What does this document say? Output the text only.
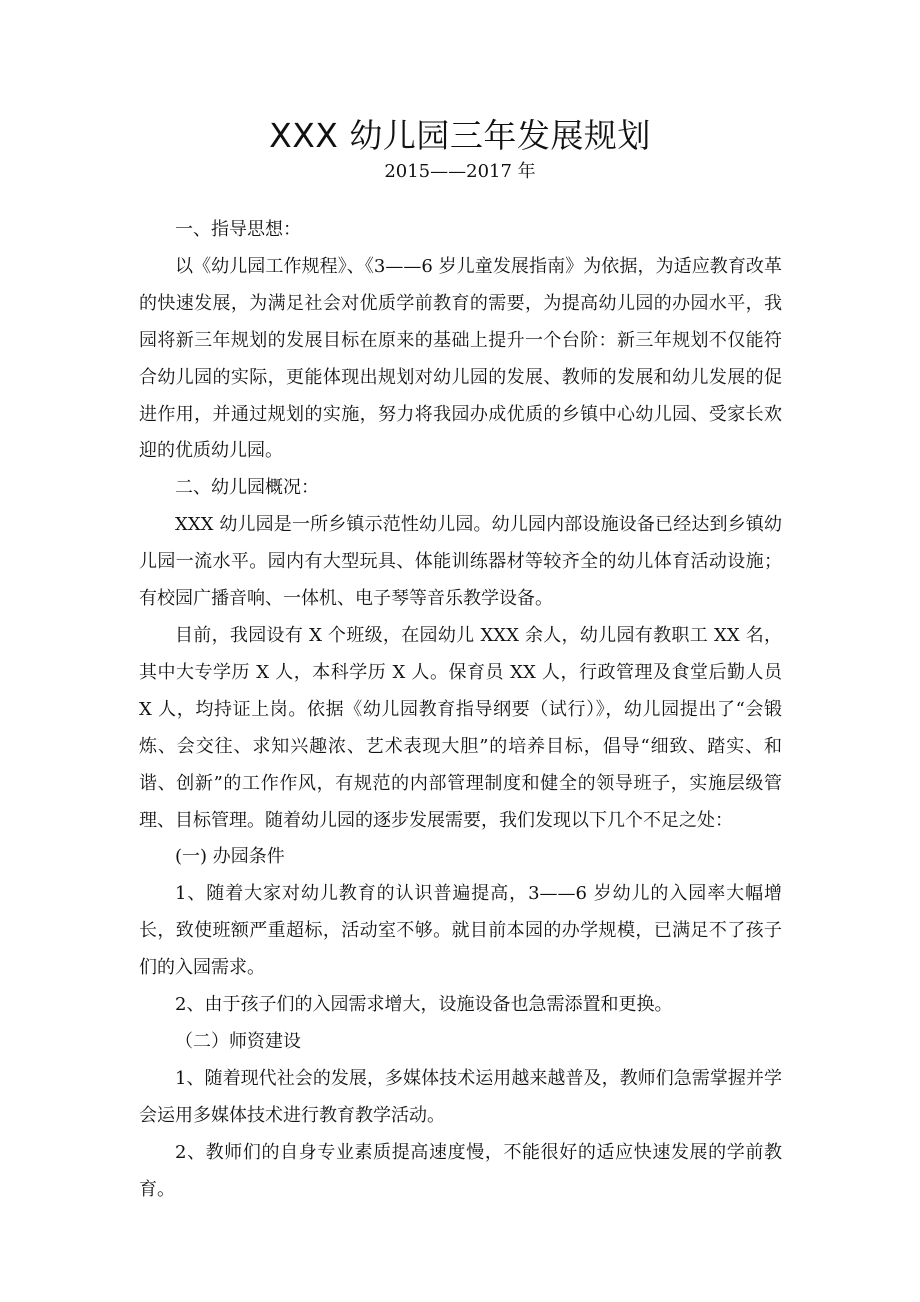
XXX 幼儿园三年发展规划
2015——2017 年

一、指导思想：

以《幼儿园工作规程》、《3——6 岁儿童发展指南》为依据，为适应教育改革的快速发展，为满足社会对优质学前教育的需要，为提高幼儿园的办园水平，我园将新三年规划的发展目标在原来的基础上提升一个台阶：新三年规划不仅能符合幼儿园的实际，更能体现出规划对幼儿园的发展、教师的发展和幼儿发展的促进作用，并通过规划的实施，努力将我园办成优质的乡镇中心幼儿园、受家长欢迎的优质幼儿园。

二、幼儿园概况：

XXX 幼儿园是一所乡镇示范性幼儿园。幼儿园内部设施设备已经达到乡镇幼儿园一流水平。园内有大型玩具、体能训练器材等较齐全的幼儿体育活动设施；有校园广播音响、一体机、电子琴等音乐教学设备。

目前，我园设有 X 个班级，在园幼儿 XXX 余人，幼儿园有教职工 XX 名，其中大专学历 X 人，本科学历 X 人。保育员 XX 人，行政管理及食堂后勤人员 X 人，均持证上岗。依据《幼儿园教育指导纲要（试行）》，幼儿园提出了“会锻炼、会交往、求知兴趣浓、艺术表现大胆”的培养目标，倡导“细致、踏实、和谐、创新”的工作作风，有规范的内部管理制度和健全的领导班子，实施层级管理、目标管理。随着幼儿园的逐步发展需要，我们发现以下几个不足之处：

(一) 办园条件

1、随着大家对幼儿教育的认识普遍提高，3——6 岁幼儿的入园率大幅增长，致使班额严重超标，活动室不够。就目前本园的办学规模，已满足不了孩子们的入园需求。

2、由于孩子们的入园需求增大，设施设备也急需添置和更换。

（二）师资建设

1、随着现代社会的发展，多媒体技术运用越来越普及，教师们急需掌握并学会运用多媒体技术进行教育教学活动。

2、教师们的自身专业素质提高速度慢，不能很好的适应快速发展的学前教育。
